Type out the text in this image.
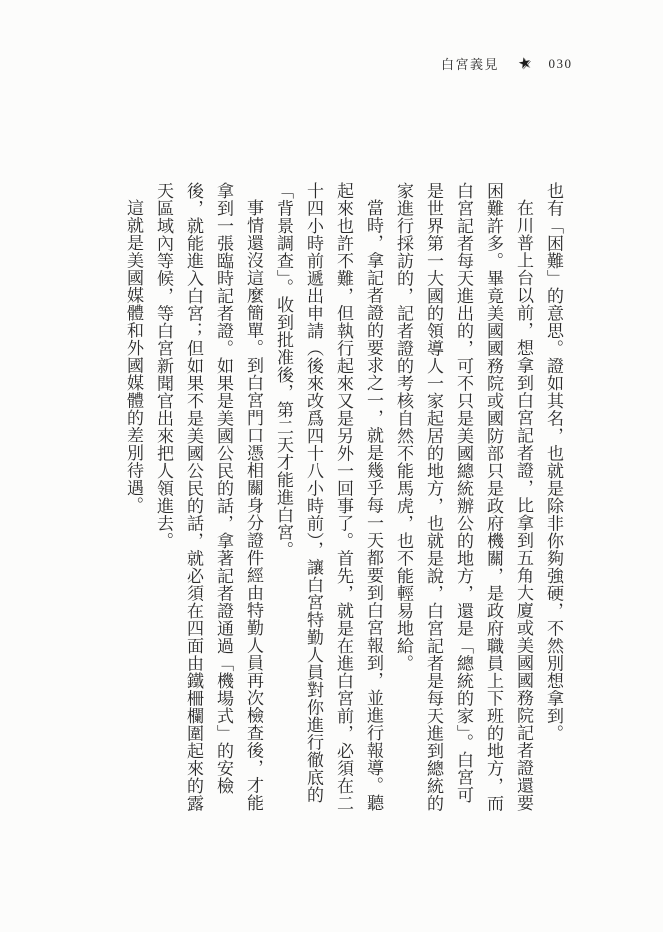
白宮義見 ★ 030

也有「困難」的意思。證如其名，也就是除非你夠強硬，不然別想拿到。

在川普上台以前，想拿到白宮記者證，比拿到五角大廈或美國國務院記者證還要困難許多。畢竟美國國務院或國防部只是政府機關，是政府職員上下班的地方，而白宮記者每天進出的，可不只是美國總統辦公的地方，還是「總統的家」。白宮可是世界第一大國的領導人一家起居的地方，也就是說，白宮記者是每天進到總統的家進行採訪的，記者證的考核自然不能馬虎，也不能輕易地給。

當時，拿記者證的要求之一，就是幾乎每一天都要到白宮報到，並進行報導。聽起來也許不難，但執行起來又是另外一回事了。首先，就是在進白宮前，必須在二十四小時前遞出申請（後來改爲四十八小時前），讓白宮特勤人員對你進行徹底的「背景調查」。收到批准後，第二天才能進白宮。

事情還沒這麼簡單。到白宮門口憑相關身分證件經由特勤人員再次檢查後，才能拿到一張臨時記者證。如果是美國公民的話，拿著記者證通過「機場式」的安檢後，就能進入白宮；但如果不是美國公民的話，就必須在四面由鐵柵欄圍起來的露天區域內等候，等白宮新聞官出來把人領進去。

這就是美國媒體和外國媒體的差別待遇。
